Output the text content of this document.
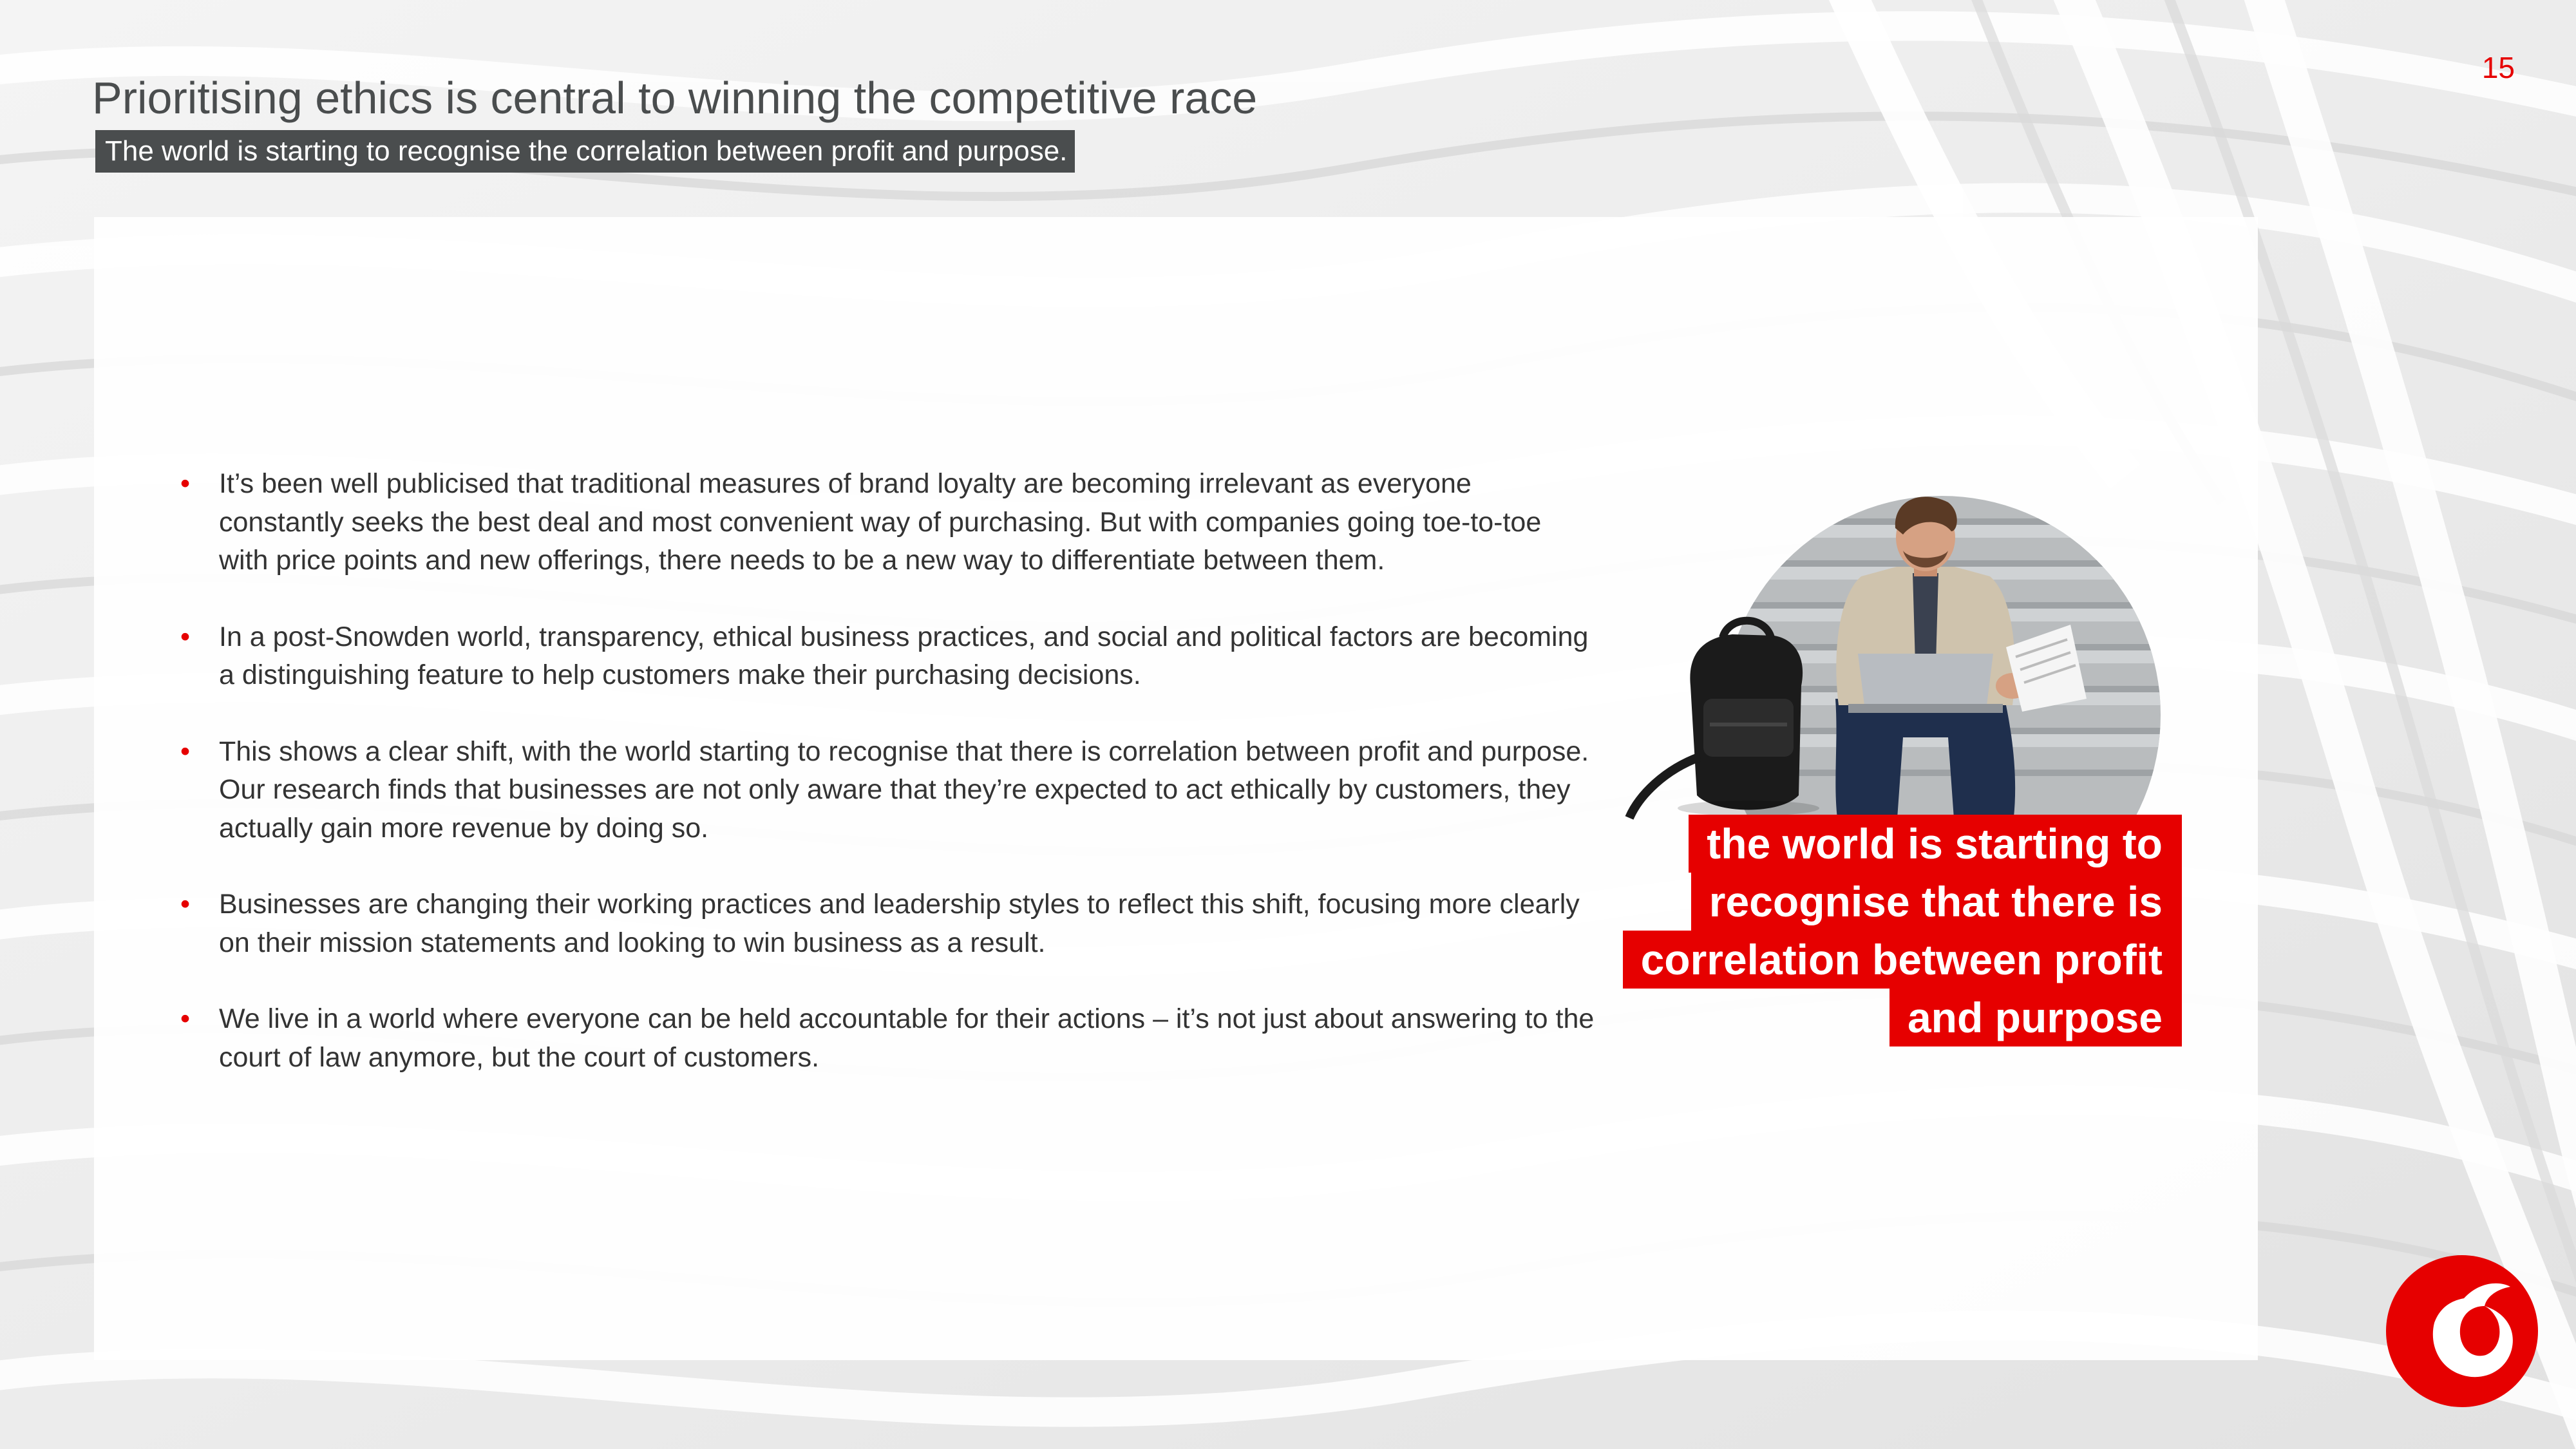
15
Prioritising ethics is central to winning the competitive race
The world is starting to recognise the correlation between profit and purpose.
• It’s been well publicised that traditional measures of brand loyalty are becoming irrelevant as everyone constantly seeks the best deal and most convenient way of purchasing. But with companies going toe-to-toe with price points and new offerings, there needs to be a new way to differentiate between them.
• In a post-Snowden world, transparency, ethical business practices, and social and political factors are becoming a distinguishing feature to help customers make their purchasing decisions.
• This shows a clear shift, with the world starting to recognise that there is correlation between profit and purpose. Our research finds that businesses are not only aware that they’re expected to act ethically by customers, they actually gain more revenue by doing so.
• Businesses are changing their working practices and leadership styles to reflect this shift, focusing more clearly on their mission statements and looking to win business as a result.
• We live in a world where everyone can be held accountable for their actions – it’s not just about answering to the court of law anymore, but the court of customers.
the world is starting to
recognise that there is
correlation between profit
and purpose
